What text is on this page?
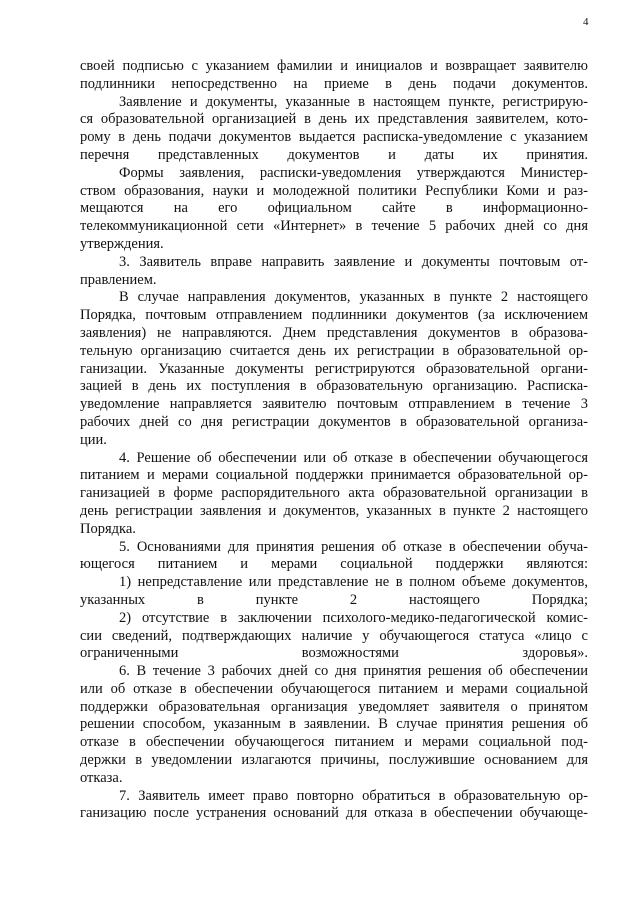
4
своей подписью с указанием фамилии и инициалов и возвращает заявителю
подлинники непосредственно на приеме в день подачи документов.
Заявление и документы, указанные в настоящем пункте, регистрирую-
ся образовательной организацией в день их представления заявителем, кото-
рому в день подачи документов выдается расписка-уведомление с указанием
перечня представленных документов и даты их принятия.
Формы заявления, расписки-уведомления утверждаются Министер-
ством образования, науки и молодежной политики Республики Коми и раз-
мещаются на его официальном сайте в информационно-
телекоммуникационной сети «Интернет» в течение 5 рабочих дней со дня
утверждения.
3. Заявитель вправе направить заявление и документы почтовым от-
правлением.
В случае направления документов, указанных в пункте 2 настоящего
Порядка, почтовым отправлением подлинники документов (за исключением
заявления) не направляются. Днем представления документов в образова-
тельную организацию считается день их регистрации в образовательной ор-
ганизации. Указанные документы регистрируются образовательной органи-
зацией в день их поступления в образовательную организацию. Расписка-
уведомление направляется заявителю почтовым отправлением в течение 3
рабочих дней со дня регистрации документов в образовательной организа-
ции.
4. Решение об обеспечении или об отказе в обеспечении обучающегося
питанием и мерами социальной поддержки принимается образовательной ор-
ганизацией в форме распорядительного акта образовательной организации в
день регистрации заявления и документов, указанных в пункте 2 настоящего
Порядка.
5. Основаниями для принятия решения об отказе в обеспечении обуча-
ющегося питанием и мерами социальной поддержки являются:
1) непредставление или представление не в полном объеме документов,
указанных в пункте 2 настоящего Порядка;
2) отсутствие в заключении психолого-медико-педагогической комис-
сии сведений, подтверждающих наличие у обучающегося статуса «лицо с
ограниченными возможностями здоровья».
6. В течение 3 рабочих дней со дня принятия решения об обеспечении
или об отказе в обеспечении обучающегося питанием и мерами социальной
поддержки образовательная организация уведомляет заявителя о принятом
решении способом, указанным в заявлении. В случае принятия решения об
отказе в обеспечении обучающегося питанием и мерами социальной под-
держки в уведомлении излагаются причины, послужившие основанием для
отказа.
7. Заявитель имеет право повторно обратиться в образовательную ор-
ганизацию после устранения оснований для отказа в обеспечении обучающе-
